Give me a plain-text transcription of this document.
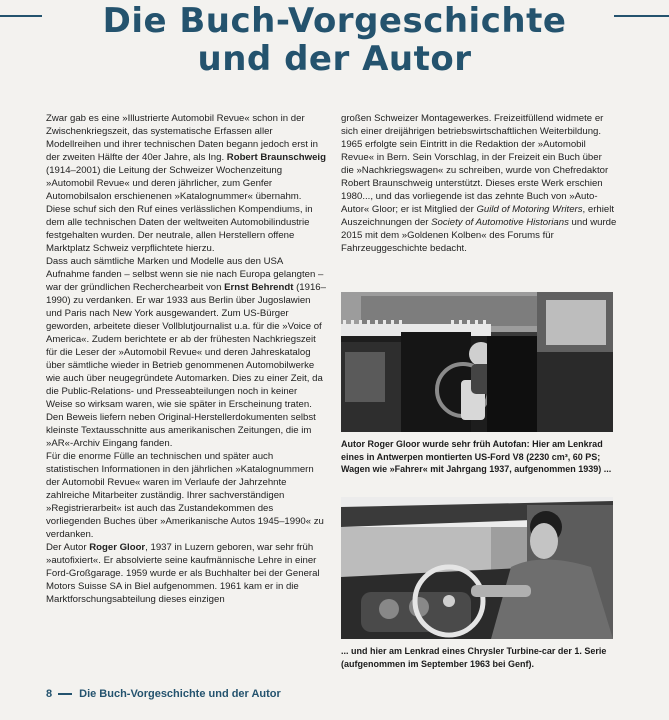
Die Buch-Vorgeschichte
und der Autor

Zwar gab es eine »Illustrierte Automobil Revue« schon in der Zwischenkriegszeit, das systematische Erfassen aller Modellreihen und ihrer technischen Daten begann jedoch erst in der zweiten Hälfte der 40er Jahre, als Ing. Robert Braunschweig (1914–2001) die Leitung der Schweizer Wochenzeitung »Automobil Revue« und deren jährlicher, zum Genfer Automobilsalon erschienenen »Katalognummer« übernahm. Diese schuf sich den Ruf eines verlässlichen Kompendiums, in dem alle technischen Daten der weltweiten Automobilindustrie festgehalten wurden. Der neutrale, allen Herstellern offene Marktplatz Schweiz verpflichtete hierzu.

Dass auch sämtliche Marken und Modelle aus den USA Aufnahme fanden – selbst wenn sie nie nach Europa gelangten – war der gründlichen Recherchearbeit von Ernst Behrendt (1916–1990) zu verdanken. Er war 1933 aus Berlin über Jugoslawien und Paris nach New York ausgewandert. Zum US-Bürger geworden, arbeitete dieser Vollblutjournalist u.a. für die »Voice of America«. Zudem berichtete er ab der frühesten Nachkriegszeit für die Leser der »Automobil Revue« und deren Jahreskatalog über sämtliche wieder in Betrieb genommenen Automobilwerke wie auch über neugegründete Automarken. Dies zu einer Zeit, da die Public-Relations- und Presseabteilungen noch in keiner Weise so wirksam waren, wie sie später in Erscheinung traten. Den Beweis liefern neben Original-Herstellerdokumenten selbst kleinste Textausschnitte aus amerikanischen Zeitungen, die im »AR«-Archiv Eingang fanden.

Für die enorme Fülle an technischen und später auch statistischen Informationen in den jährlichen »Katalognummern der Automobil Revue« waren im Verlaufe der Jahrzehnte zahlreiche Mitarbeiter zuständig. Ihrer sachverständigen »Registrierarbeit« ist auch das Zustandekommen des vorliegenden Buches über »Amerikanische Autos 1945–1990« zu verdanken.

Der Autor Roger Gloor, 1937 in Luzern geboren, war sehr früh »autofixiert«. Er absolvierte seine kaufmännische Lehre in einer Ford-Großgarage. 1959 wurde er als Buchhalter bei der General Motors Suisse SA in Biel aufgenommen. 1961 kam er in die Marktforschungsabteilung dieses einzigen

großen Schweizer Montagewerkes. Freizeitfüllend widmete er sich einer dreijährigen betriebswirtschaftlichen Weiterbildung. 1965 erfolgte sein Eintritt in die Redaktion der »Automobil Revue« in Bern. Sein Vorschlag, in der Freizeit ein Buch über die »Nachkriegswagen« zu schreiben, wurde von Chefredaktor Robert Braunschweig unterstützt. Dieses erste Werk erschien 1980..., und das vorliegende ist das zehnte Buch von »Auto-Autor« Gloor; er ist Mitglied der Guild of Motoring Writers, erhielt Auszeichnungen der Society of Automotive Historians und wurde 2015 mit dem »Goldenen Kolben« des Forums für Fahrzeuggeschichte bedacht.

Autor Roger Gloor wurde sehr früh Autofan: Hier am Lenkrad eines in Antwerpen montierten US-Ford V8 (2230 cm³, 60 PS; Wagen wie »Fahrer« mit Jahrgang 1937, aufgenommen 1939) ...

... und hier am Lenkrad eines Chrysler Turbine-car der 1. Serie (aufgenommen im September 1963 bei Genf).

8 Die Buch-Vorgeschichte und der Autor
